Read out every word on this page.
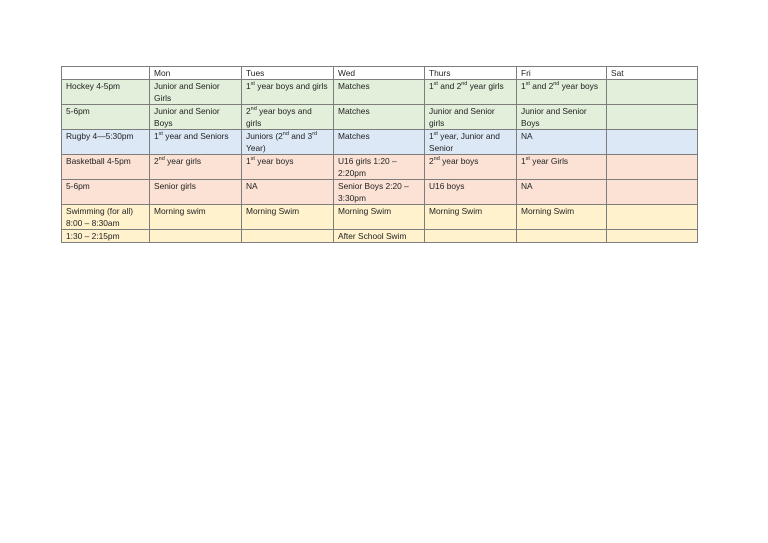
	Mon	Tues	Wed	Thurs	Fri	Sat
Hockey 4-5pm	Junior and Senior Girls	1st year boys and girls	Matches	1st and 2nd year girls	1st and 2nd year boys	
5-6pm	Junior and Senior Boys	2nd year boys and girls	Matches	Junior and Senior girls	Junior and Senior Boys	
Rugby 4—5:30pm	1st year and Seniors	Juniors (2nd and 3rd Year)	Matches	1st year, Junior and Senior	NA	
Basketball 4-5pm	2nd year girls	1st year boys	U16 girls 1:20 – 2:20pm	2nd year boys	1st year Girls	
5-6pm	Senior girls	NA	Senior Boys 2:20 – 3:30pm	U16 boys	NA	
Swimming (for all) 8:00 – 8:30am	Morning swim	Morning Swim	Morning Swim	Morning Swim	Morning Swim	
1:30 – 2:15pm			After School Swim			
